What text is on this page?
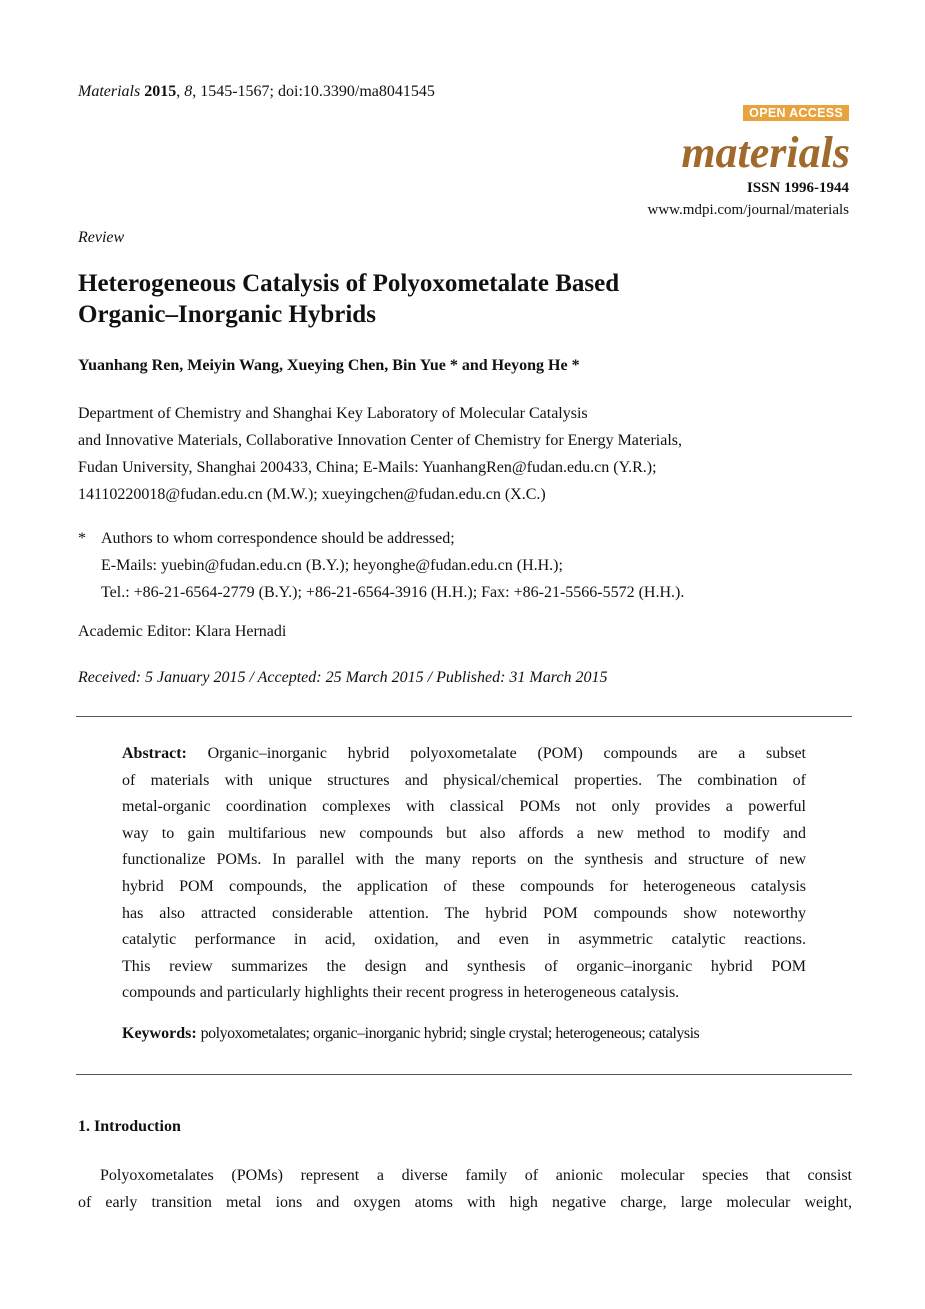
Materials 2015, 8, 1545-1567; doi:10.3390/ma8041545
OPEN ACCESS
materials
ISSN 1996-1944
www.mdpi.com/journal/materials
Review
Heterogeneous Catalysis of Polyoxometalate Based
Organic–Inorganic Hybrids
Yuanhang Ren, Meiyin Wang, Xueying Chen, Bin Yue * and Heyong He *
Department of Chemistry and Shanghai Key Laboratory of Molecular Catalysis
and Innovative Materials, Collaborative Innovation Center of Chemistry for Energy Materials,
Fudan University, Shanghai 200433, China; E-Mails: YuanhangRen@fudan.edu.cn (Y.R.);
14110220018@fudan.edu.cn (M.W.); xueyingchen@fudan.edu.cn (X.C.)
* Authors to whom correspondence should be addressed;
E-Mails: yuebin@fudan.edu.cn (B.Y.); heyonghe@fudan.edu.cn (H.H.);
Tel.: +86-21-6564-2779 (B.Y.); +86-21-6564-3916 (H.H.); Fax: +86-21-5566-5572 (H.H.).
Academic Editor: Klara Hernadi
Received: 5 January 2015 / Accepted: 25 March 2015 / Published: 31 March 2015
Abstract: Organic–inorganic hybrid polyoxometalate (POM) compounds are a subset
of materials with unique structures and physical/chemical properties. The combination of
metal-organic coordination complexes with classical POMs not only provides a powerful
way to gain multifarious new compounds but also affords a new method to modify and
functionalize POMs. In parallel with the many reports on the synthesis and structure of new
hybrid POM compounds, the application of these compounds for heterogeneous catalysis
has also attracted considerable attention. The hybrid POM compounds show noteworthy
catalytic performance in acid, oxidation, and even in asymmetric catalytic reactions.
This review summarizes the design and synthesis of organic–inorganic hybrid POM
compounds and particularly highlights their recent progress in heterogeneous catalysis.
Keywords: polyoxometalates; organic–inorganic hybrid; single crystal; heterogeneous; catalysis
1. Introduction
Polyoxometalates (POMs) represent a diverse family of anionic molecular species that consist
of early transition metal ions and oxygen atoms with high negative charge, large molecular weight,
